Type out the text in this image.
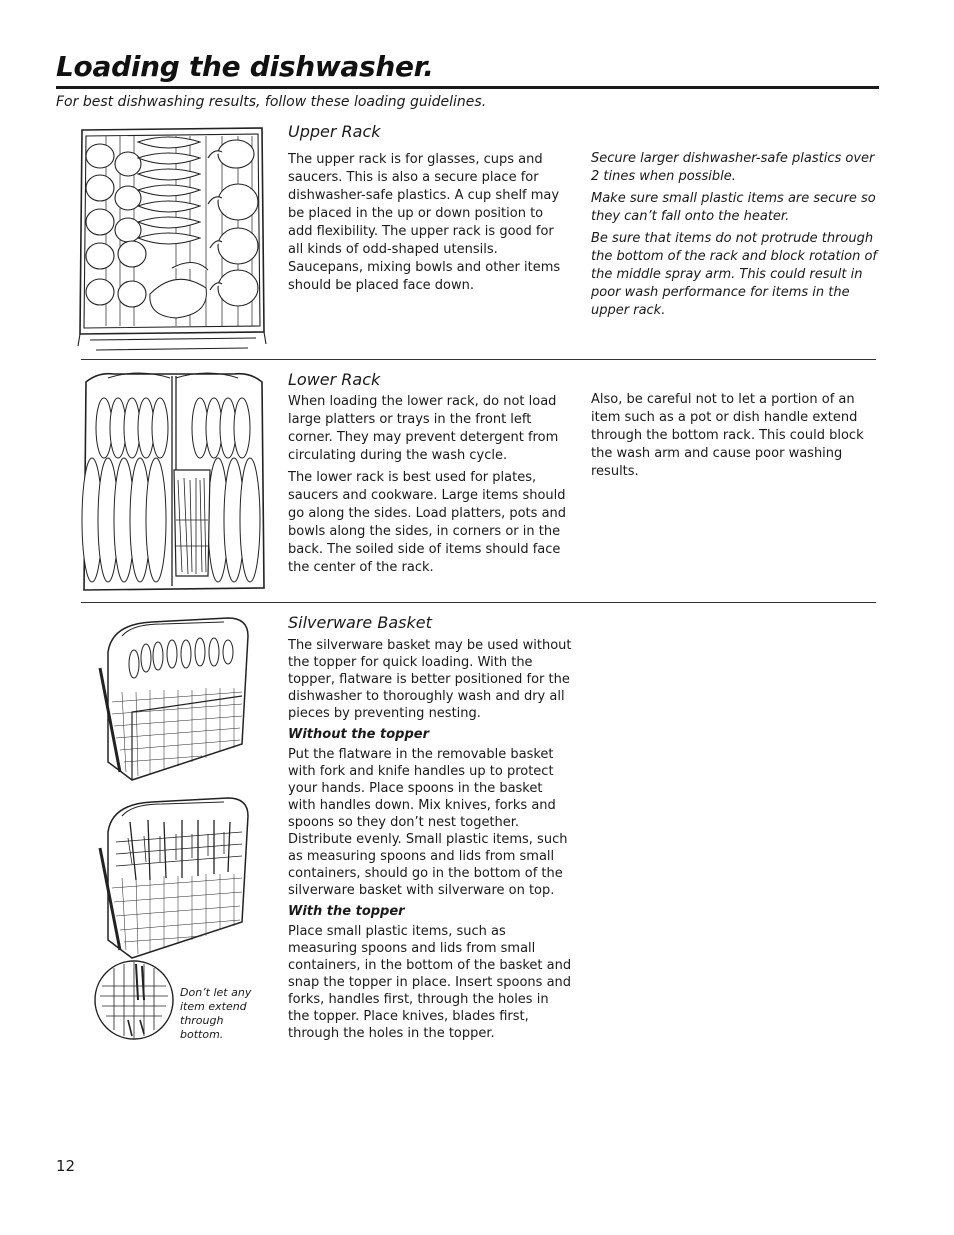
Loading the dishwasher.
For best dishwashing results, follow these loading guidelines.
Upper Rack

The upper rack is for glasses, cups and saucers. This is also a secure place for dishwasher-safe plastics. A cup shelf may be placed in the up or down position to add flexibility. The upper rack is good for all kinds of odd-shaped utensils. Saucepans, mixing bowls and other items should be placed face down.

Secure larger dishwasher-safe plastics over 2 tines when possible.

Make sure small plastic items are secure so they can’t fall onto the heater.

Be sure that items do not protrude through the bottom of the rack and block rotation of the middle spray arm. This could result in poor wash performance for items in the upper rack.

Lower Rack

When loading the lower rack, do not load large platters or trays in the front left corner. They may prevent detergent from circulating during the wash cycle.

The lower rack is best used for plates, saucers and cookware. Large items should go along the sides. Load platters, pots and bowls along the sides, in corners or in the back. The soiled side of items should face the center of the rack.

Also, be careful not to let a portion of an item such as a pot or dish handle extend through the bottom rack. This could block the wash arm and cause poor washing results.

Don’t let any item extend through bottom.
Silverware Basket

The silverware basket may be used without the topper for quick loading. With the topper, flatware is better positioned for the dishwasher to thoroughly wash and dry all pieces by preventing nesting.

Without the topper

Put the flatware in the removable basket with fork and knife handles up to protect your hands. Place spoons in the basket with handles down. Mix knives, forks and spoons so they don’t nest together. Distribute evenly. Small plastic items, such as measuring spoons and lids from small containers, should go in the bottom of the silverware basket with silverware on top.

With the topper

Place small plastic items, such as measuring spoons and lids from small containers, in the bottom of the basket and snap the topper in place. Insert spoons and forks, handles first, through the holes in the topper. Place knives, blades first, through the holes in the topper.

12
